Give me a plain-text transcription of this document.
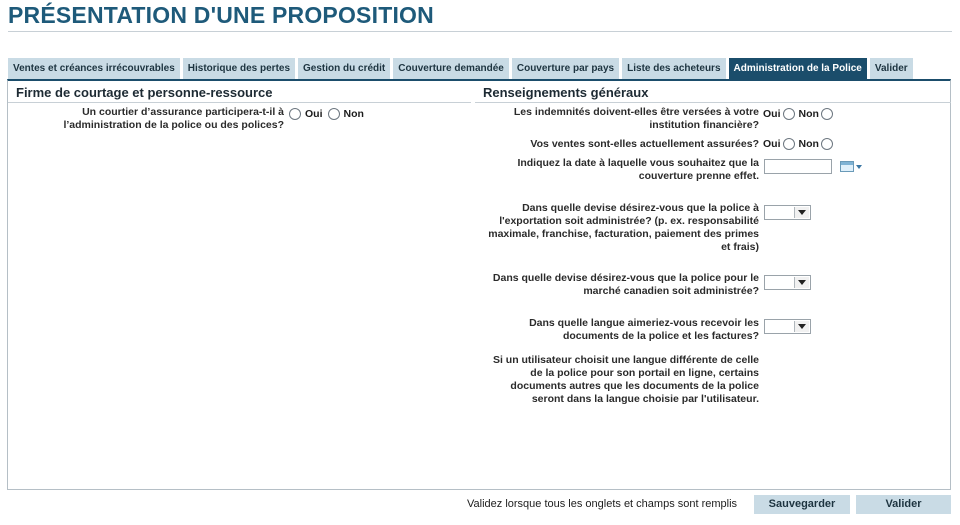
PRÉSENTATION D'UNE PROPOSITION
Ventes et créances irrécouvrables	Historique des pertes	Gestion du crédit	Couverture demandée	Couverture par pays	Liste des acheteurs	Administration de la Police	Valider
Firme de courtage et personne-ressource
Un courtier d’assurance participera-t-il à l’administration de la police ou des polices?
Oui Non
Renseignements généraux
Les indemnités doivent-elles être versées à votre institution financière?
Oui Non
Vos ventes sont-elles actuellement assurées? Oui Non
Indiquez la date à laquelle vous souhaitez que la couverture prenne effet.
Dans quelle devise désirez-vous que la police à l'exportation soit administrée? (p. ex. responsabilité maximale, franchise, facturation, paiement des primes et frais)
Dans quelle devise désirez-vous que la police pour le marché canadien soit administrée?
Dans quelle langue aimeriez-vous recevoir les documents de la police et les factures?
Si un utilisateur choisit une langue différente de celle de la police pour son portail en ligne, certains documents autres que les documents de la police seront dans la langue choisie par l'utilisateur.
Validez lorsque tous les onglets et champs sont remplis	Sauvegarder	Valider
